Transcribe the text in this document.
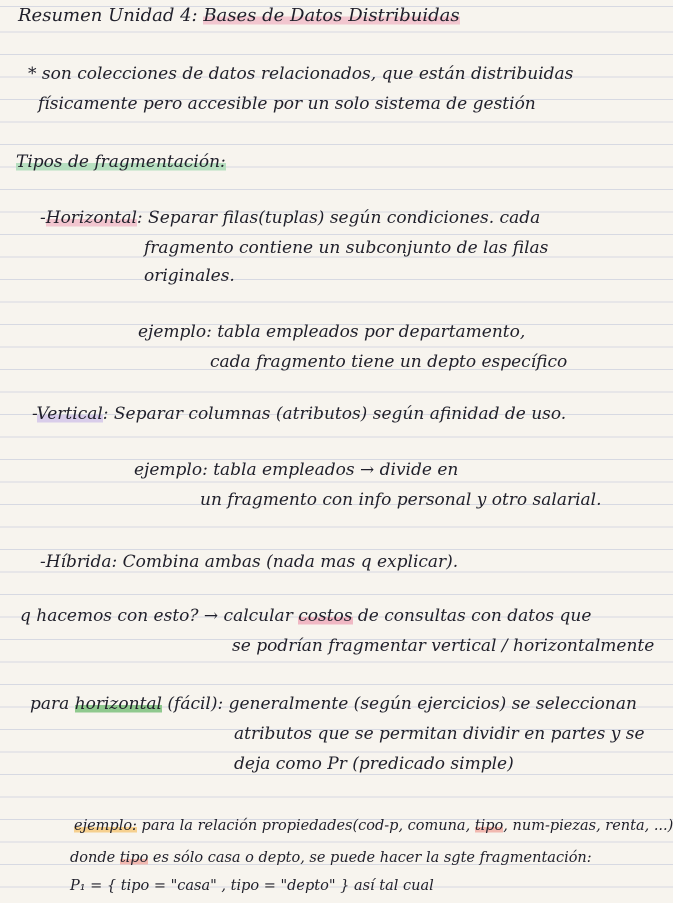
Resumen Unidad 4: Bases de Datos Distribuidas
* son colecciones de datos relacionados, que están distribuidas
físicamente pero accesible por un solo sistema de gestión
Tipos de fragmentación:
-Horizontal: Separar filas(tuplas) según condiciones. cada
fragmento contiene un subconjunto de las filas
originales.
ejemplo: tabla empleados por departamento,
cada fragmento tiene un depto específico
-Vertical: Separar columnas (atributos) según afinidad de uso.
ejemplo: tabla empleados → divide en
un fragmento con info personal y otro salarial.
-Híbrida: Combina ambas (nada mas q explicar).
q hacemos con esto? → calcular costos de consultas con datos que
se podrían fragmentar vertical / horizontalmente
para horizontal (fácil): generalmente (según ejercicios) se seleccionan
atributos que se permitan dividir en partes y se
deja como Pr (predicado simple)
ejemplo: para la relación propiedades(cod-p, comuna, tipo, num-piezas, renta, ...)
donde tipo es sólo casa o depto, se puede hacer la sgte fragmentación:
P₁ = { tipo = "casa" , tipo = "depto" } así tal cual
